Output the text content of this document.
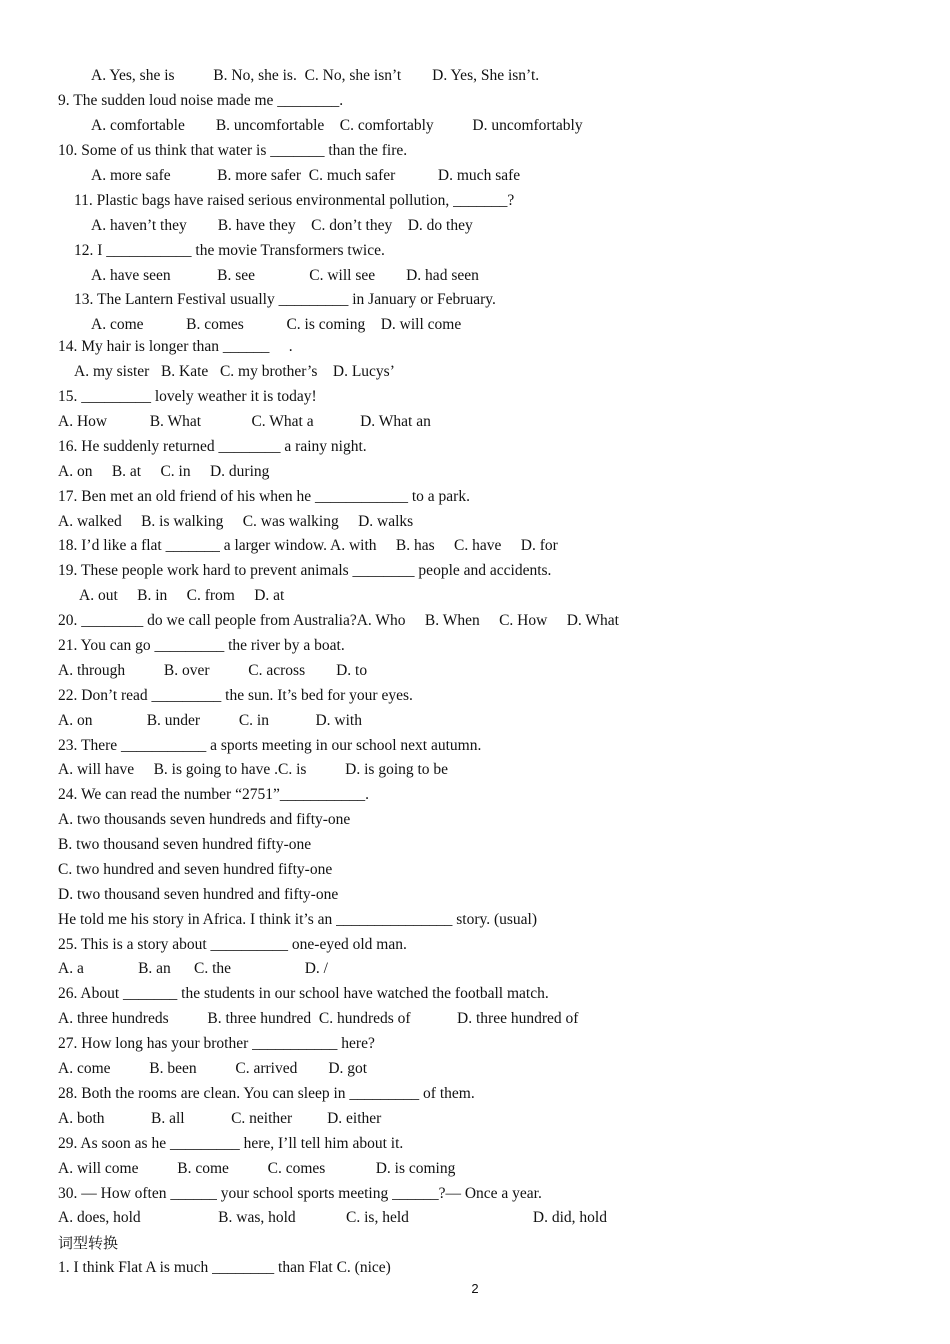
A. Yes, she is          B. No, she is.  C. No, she isn’t        D. Yes, She isn’t.
9. The sudden loud noise made me ________.
A. comfortable        B. uncomfortable    C. comfortably          D. uncomfortably
10. Some of us think that water is _______ than the fire.
A. more safe            B. more safer  C. much safer           D. much safe
11. Plastic bags have raised serious environmental pollution, _______?
A. haven’t they        B. have they    C. don’t they    D. do they
12. I ___________ the movie Transformers twice.
A. have seen            B. see              C. will see        D. had seen
13. The Lantern Festival usually _________ in January or February.
A. come           B. comes           C. is coming    D. will come
14. My hair is longer than ______     .
A. my sister   B. Kate   C. my brother’s    D. Lucys’
15. _________ lovely weather it is today!
A. How           B. What             C. What a            D. What an
16. He suddenly returned ________ a rainy night.
A. on     B. at     C. in     D. during
17. Ben met an old friend of his when he ____________ to a park.
A. walked     B. is walking     C. was walking     D. walks
18. I’d like a flat _______ a larger window. A. with     B. has     C. have     D. for
19. These people work hard to prevent animals ________ people and accidents.
A. out     B. in     C. from     D. at
20. ________ do we call people from Australia?A. Who     B. When     C. How     D. What
21. You can go _________ the river by a boat.
A. through          B. over          C. across        D. to
22. Don’t read _________ the sun. It’s bed for your eyes.
A. on              B. under          C. in            D. with
23. There ___________ a sports meeting in our school next autumn.
A. will have     B. is going to have .C. is          D. is going to be
24. We can read the number “2751”___________.
A. two thousands seven hundreds and fifty-one
B. two thousand seven hundred fifty-one
C. two hundred and seven hundred fifty-one
D. two thousand seven hundred and fifty-one
He told me his story in Africa. I think it’s an _______________ story. (usual)
25. This is a story about __________ one-eyed old man.
A. a              B. an      C. the                   D. /
26. About _______ the students in our school have watched the football match.
A. three hundreds          B. three hundred  C. hundreds of            D. three hundred of
27. How long has your brother ___________ here?
A. come          B. been          C. arrived        D. got
28. Both the rooms are clean. You can sleep in _________ of them.
A. both            B. all            C. neither         D. either
29. As soon as he _________ here, I’ll tell him about it.
A. will come          B. come          C. comes             D. is coming
30. — How often ______ your school sports meeting ______?— Once a year.
A. does, hold                    B. was, hold             C. is, held                                D. did, hold
词型转换
1. I think Flat A is much ________ than Flat C. (nice)
2
